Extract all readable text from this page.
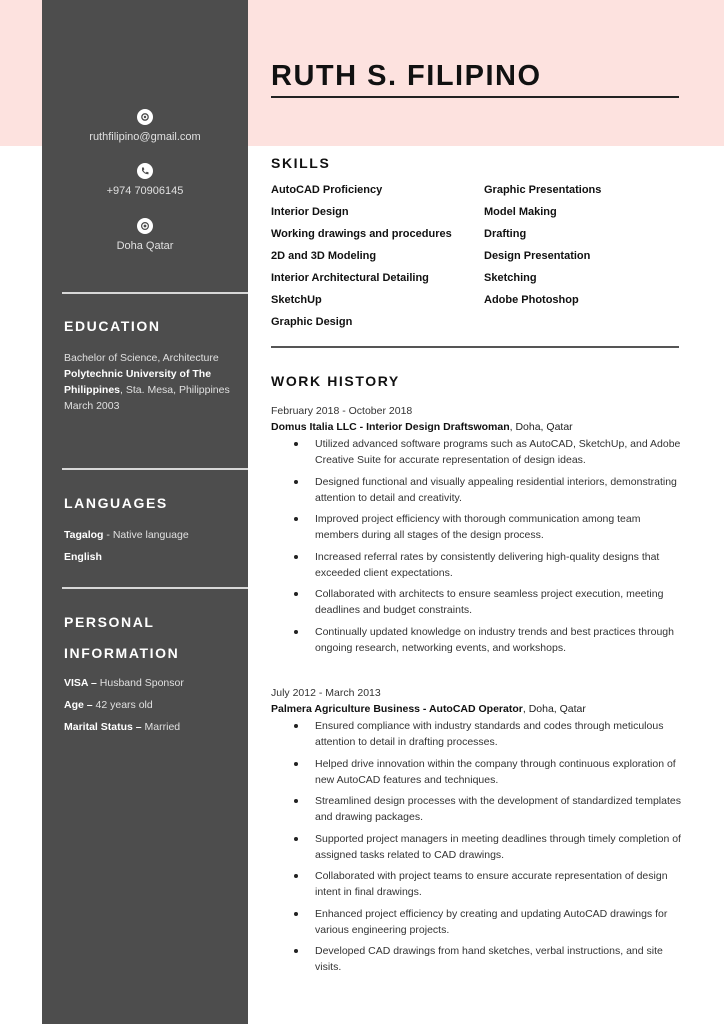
ruthfilipino@gmail.com
+974 70906145
Doha Qatar
EDUCATION
Bachelor of Science, Architecture
Polytechnic University of The Philippines, Sta. Mesa, Philippines
March 2003
LANGUAGES
Tagalog - Native language
English
PERSONAL
INFORMATION
VISA – Husband Sponsor
Age – 42 years old
Marital Status – Married
RUTH S. FILIPINO
SKILLS
AutoCAD Proficiency
Interior Design
Working drawings and procedures
2D and 3D Modeling
Interior Architectural Detailing
SketchUp
Graphic Design
Graphic Presentations
Model Making
Drafting
Design Presentation
Sketching
Adobe Photoshop
WORK HISTORY
February 2018 - October 2018
Domus Italia LLC - Interior Design Draftswoman, Doha, Qatar
Utilized advanced software programs such as AutoCAD, SketchUp, and Adobe Creative Suite for accurate representation of design ideas.
Designed functional and visually appealing residential interiors, demonstrating attention to detail and creativity.
Improved project efficiency with thorough communication among team members during all stages of the design process.
Increased referral rates by consistently delivering high-quality designs that exceeded client expectations.
Collaborated with architects to ensure seamless project execution, meeting deadlines and budget constraints.
Continually updated knowledge on industry trends and best practices through ongoing research, networking events, and workshops.
July 2012 - March 2013
Palmera Agriculture Business - AutoCAD Operator, Doha, Qatar
Ensured compliance with industry standards and codes through meticulous attention to detail in drafting processes.
Helped drive innovation within the company through continuous exploration of new AutoCAD features and techniques.
Streamlined design processes with the development of standardized templates and drawing packages.
Supported project managers in meeting deadlines through timely completion of assigned tasks related to CAD drawings.
Collaborated with project teams to ensure accurate representation of design intent in final drawings.
Enhanced project efficiency by creating and updating AutoCAD drawings for various engineering projects.
Developed CAD drawings from hand sketches, verbal instructions, and site visits.
